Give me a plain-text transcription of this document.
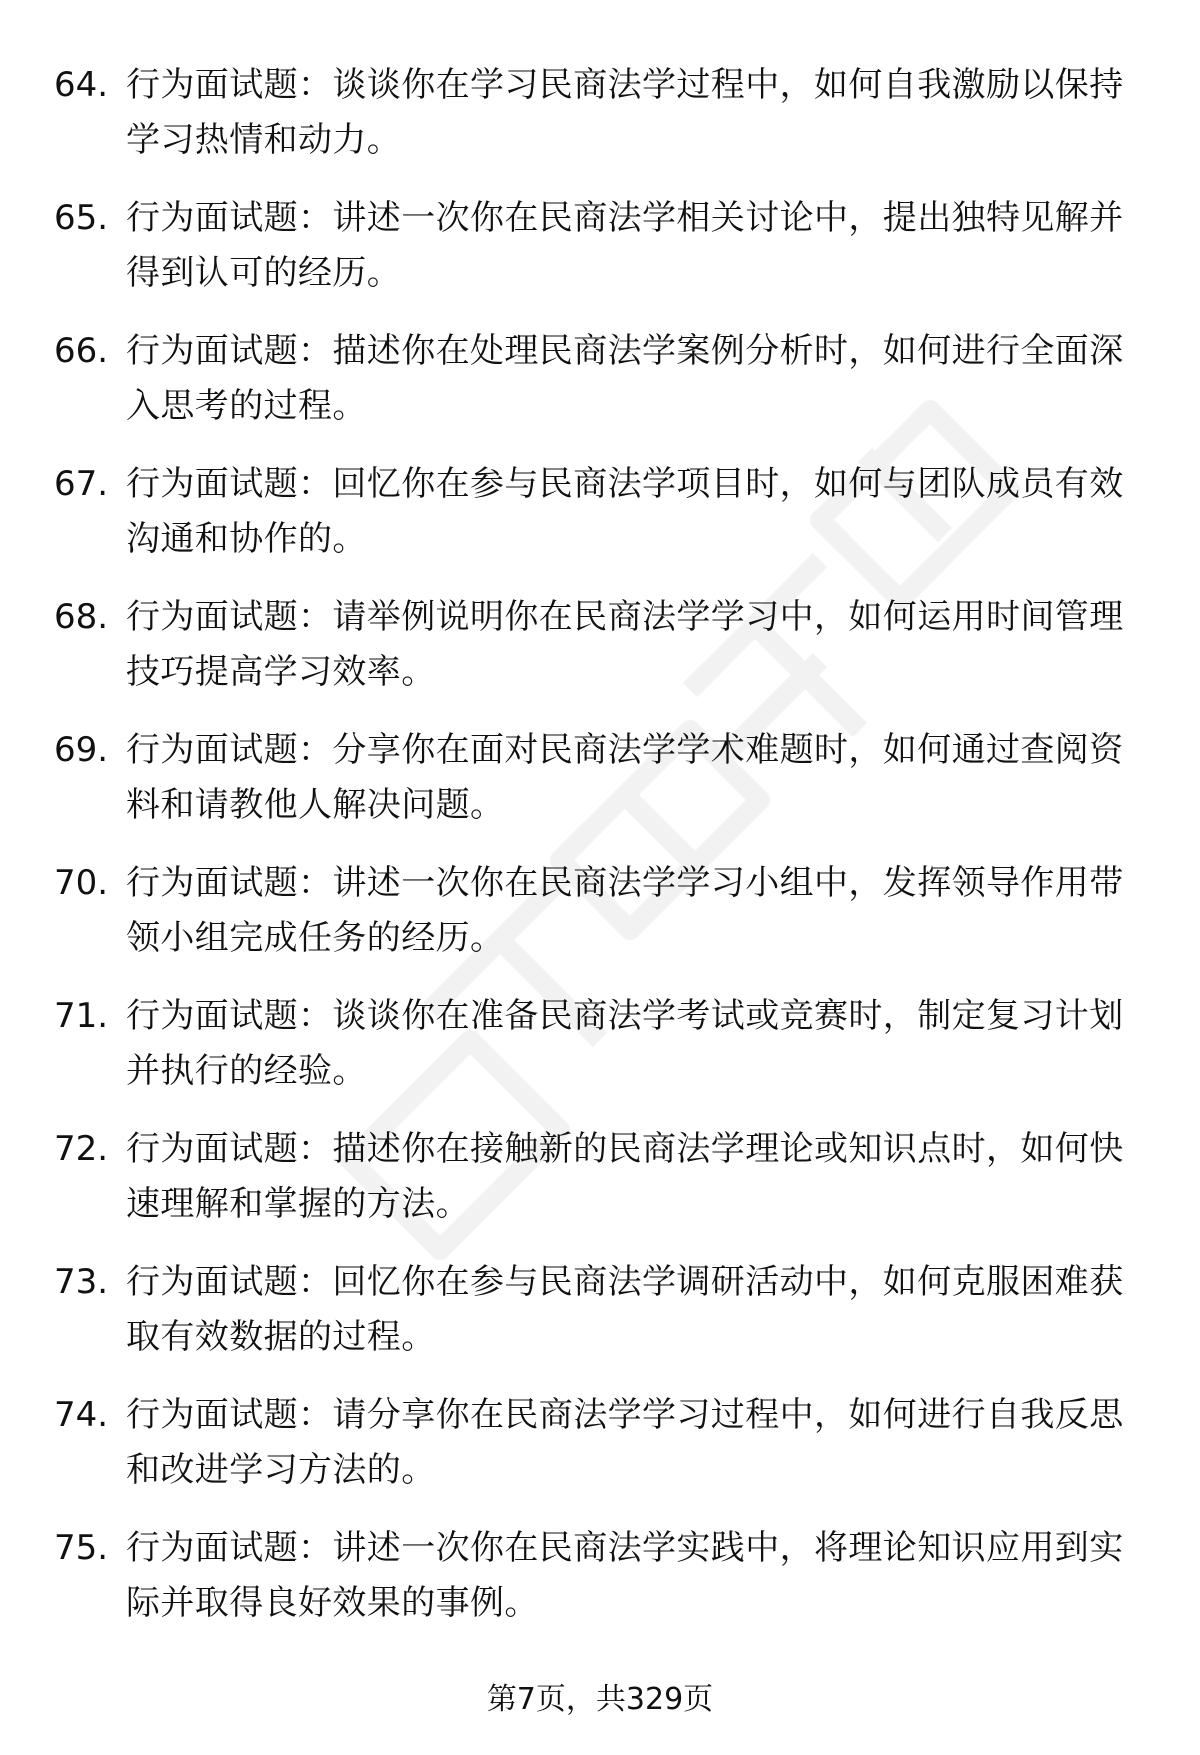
64. 行为面试题：谈谈你在学习民商法学过程中，如何自我激励以保持学习热情和动力。
65. 行为面试题：讲述一次你在民商法学相关讨论中，提出独特见解并得到认可的经历。
66. 行为面试题：描述你在处理民商法学案例分析时，如何进行全面深入思考的过程。
67. 行为面试题：回忆你在参与民商法学项目时，如何与团队成员有效沟通和协作的。
68. 行为面试题：请举例说明你在民商法学学习中，如何运用时间管理技巧提高学习效率。
69. 行为面试题：分享你在面对民商法学学术难题时，如何通过查阅资料和请教他人解决问题。
70. 行为面试题：讲述一次你在民商法学学习小组中，发挥领导作用带领小组完成任务的经历。
71. 行为面试题：谈谈你在准备民商法学考试或竞赛时，制定复习计划并执行的经验。
72. 行为面试题：描述你在接触新的民商法学理论或知识点时，如何快速理解和掌握的方法。
73. 行为面试题：回忆你在参与民商法学调研活动中，如何克服困难获取有效数据的过程。
74. 行为面试题：请分享你在民商法学学习过程中，如何进行自我反思和改进学习方法的。
75. 行为面试题：讲述一次你在民商法学实践中，将理论知识应用到实际并取得良好效果的事例。
第7页，共329页
